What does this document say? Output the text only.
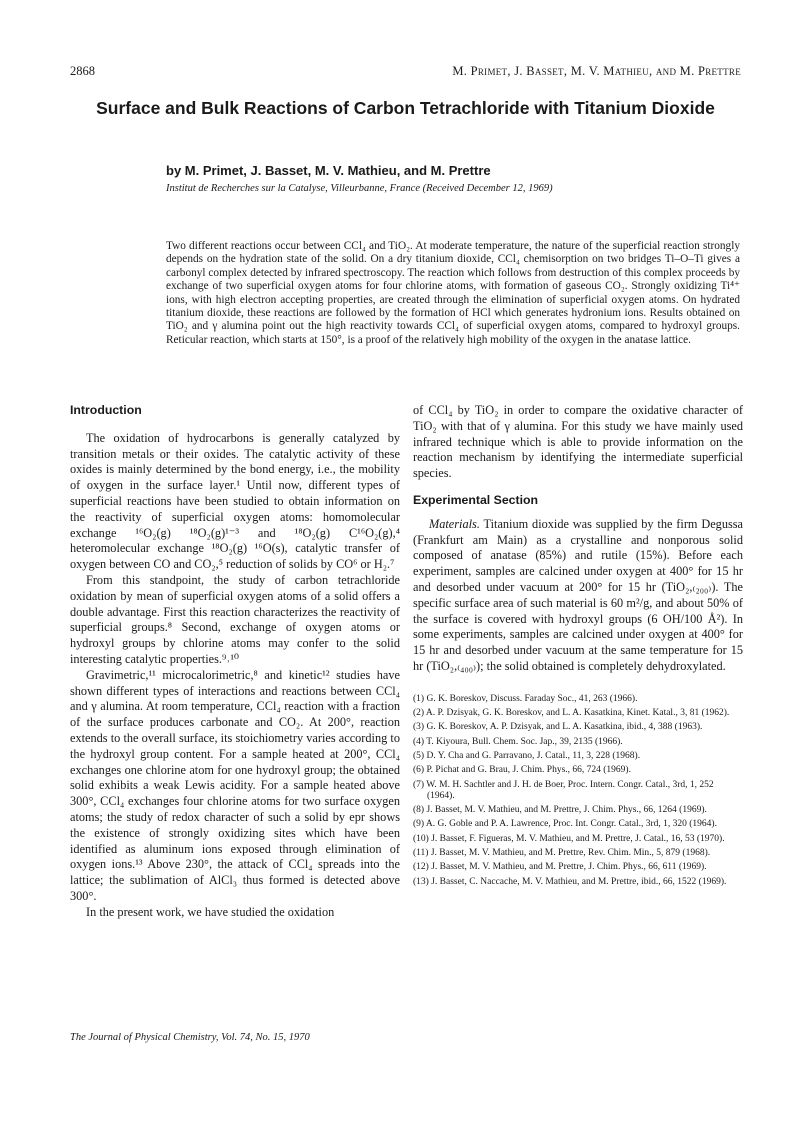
2868	M. Primet, J. Basset, M. V. Mathieu, and M. Prettre
Surface and Bulk Reactions of Carbon Tetrachloride with Titanium Dioxide
by M. Primet, J. Basset, M. V. Mathieu, and M. Prettre
Institut de Recherches sur la Catalyse, Villeurbanne, France (Received December 12, 1969)

Two different reactions occur between CCl₄ and TiO₂. At moderate temperature, the nature of the superficial reaction strongly depends on the hydration state of the solid. On a dry titanium dioxide, CCl₄ chemisorption on two bridges Ti–O–Ti gives a carbonyl complex detected by infrared spectroscopy. The reaction which follows from destruction of this complex proceeds by exchange of two superficial oxygen atoms for four chlorine atoms, with formation of gaseous CO₂. Strongly oxidizing Ti⁴⁺ ions, with high electron accepting properties, are created through the elimination of superficial oxygen atoms. On hydrated titanium dioxide, these reactions are followed by the formation of HCl which generates hydronium ions. Results obtained on TiO₂ and γ alumina point out the high reactivity towards CCl₄ of superficial oxygen atoms, compared to hydroxyl groups. Reticular reaction, which starts at 150°, is a proof of the relatively high mobility of the oxygen in the anatase lattice.

Introduction

The oxidation of hydrocarbons is generally catalyzed by transition metals or their oxides. The catalytic activity of these oxides is mainly determined by the bond energy, i.e., the mobility of oxygen in the surface layer.¹ Until now, different types of superficial reactions have been studied to obtain information on the reactivity of superficial oxygen atoms: homomolecular exchange ¹⁶O₂(g) ¹⁸O₂(g)¹⁻³ and ¹⁸O₂(g) C¹⁶O₂(g),⁴ heteromolecular exchange ¹⁸O₂(g) ¹⁶O(s), catalytic transfer of oxygen between CO and CO₂,⁵ reduction of solids by CO⁶ or H₂.⁷

From this standpoint, the study of carbon tetrachloride oxidation by mean of superficial oxygen atoms of a solid offers a double advantage. First this reaction characterizes the reactivity of superficial groups.⁸ Second, exchange of oxygen atoms or hydroxyl groups by chlorine atoms may confer to the solid interesting catalytic properties.⁹˒¹⁰

Gravimetric,¹¹ microcalorimetric,⁸ and kinetic¹² studies have shown different types of interactions and reactions between CCl₄ and γ alumina. At room temperature, CCl₄ reaction with a fraction of the surface produces carbonate and CO₂. At 200°, reaction extends to the overall surface, its stoichiometry varies according to the hydroxyl group content. For a sample heated at 200°, CCl₄ exchanges one chlorine atom for one hydroxyl group; the obtained solid exhibits a weak Lewis acidity. For a sample heated above 300°, CCl₄ exchanges four chlorine atoms for two surface oxygen atoms; the study of redox character of such a solid by epr shows the existence of strongly oxidizing sites which have been identified as aluminum ions exposed through elimination of oxygen ions.¹³ Above 230°, the attack of CCl₄ spreads into the lattice; the sublimation of AlCl₃ thus formed is detected above 300°.

In the present work, we have studied the oxidation

of CCl₄ by TiO₂ in order to compare the oxidative character of TiO₂ with that of γ alumina. For this study we have mainly used infrared technique which is able to provide information on the reaction mechanism by identifying the intermediate superficial species.

Experimental Section

Materials. Titanium dioxide was supplied by the firm Degussa (Frankfurt am Main) as a crystalline and nonporous solid composed of anatase (85%) and rutile (15%). Before each experiment, samples are calcined under oxygen at 400° for 15 hr and desorbed under vacuum at 200° for 15 hr (TiO₂,₍₂₀₀₎). The specific surface area of such material is 60 m²/g, and about 50% of the surface is covered with hydroxyl groups (6 OH/100 Å²). In some experiments, samples are calcined under oxygen at 400° for 15 hr and desorbed under vacuum at the same temperature for 15 hr (TiO₂,₍₄₀₀₎); the solid obtained is completely dehydroxylated.

(1) G. K. Boreskov, Discuss. Faraday Soc., 41, 263 (1966).
(2) A. P. Dzisyak, G. K. Boreskov, and L. A. Kasatkina, Kinet. Katal., 3, 81 (1962).
(3) G. K. Boreskov, A. P. Dzisyak, and L. A. Kasatkina, ibid., 4, 388 (1963).
(4) T. Kiyoura, Bull. Chem. Soc. Jap., 39, 2135 (1966).
(5) D. Y. Cha and G. Parravano, J. Catal., 11, 3, 228 (1968).
(6) P. Pichat and G. Brau, J. Chim. Phys., 66, 724 (1969).
(7) W. M. H. Sachtler and J. H. de Boer, Proc. Intern. Congr. Catal., 3rd, 1, 252 (1964).
(8) J. Basset, M. V. Mathieu, and M. Prettre, J. Chim. Phys., 66, 1264 (1969).
(9) A. G. Goble and P. A. Lawrence, Proc. Int. Congr. Catal., 3rd, 1, 320 (1964).
(10) J. Basset, F. Figueras, M. V. Mathieu, and M. Prettre, J. Catal., 16, 53 (1970).
(11) J. Basset, M. V. Mathieu, and M. Prettre, Rev. Chim. Min., 5, 879 (1968).
(12) J. Basset, M. V. Mathieu, and M. Prettre, J. Chim. Phys., 66, 611 (1969).
(13) J. Basset, C. Naccache, M. V. Mathieu, and M. Prettre, ibid., 66, 1522 (1969).
The Journal of Physical Chemistry, Vol. 74, No. 15, 1970
